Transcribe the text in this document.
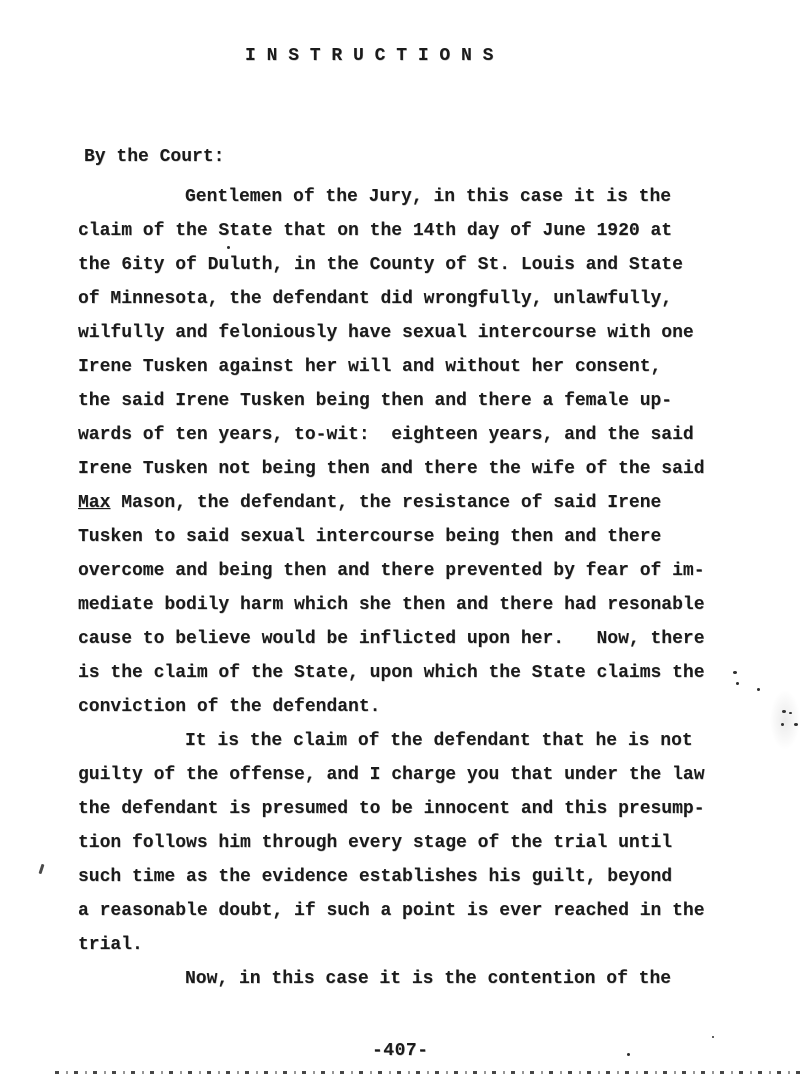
I N S T R U C T I O N S
By the Court:
Gentlemen of the Jury, in this case it is the
claim of the State that on the 14th day of June 1920 at
the 6ity of Duluth, in the County of St. Louis and State
of Minnesota, the defendant did wrongfully, unlawfully,
wilfully and feloniously have sexual intercourse with one
Irene Tusken against her will and without her consent,
the said Irene Tusken being then and there a female up-
wards of ten years, to-wit:  eighteen years, and the said
Irene Tusken not being then and there the wife of the said
Max Mason, the defendant, the resistance of said Irene
Tusken to said sexual intercourse being then and there
overcome and being then and there prevented by fear of im-
mediate bodily harm which she then and there had resonable
cause to believe would be inflicted upon her.   Now, there
is the claim of the State, upon which the State claims the
conviction of the defendant.
It is the claim of the defendant that he is not
guilty of the offense, and I charge you that under the law
the defendant is presumed to be innocent and this presump-
tion follows him through every stage of the trial until
such time as the evidence establishes his guilt, beyond
a reasonable doubt, if such a point is ever reached in the
trial.
Now, in this case it is the contention of the
-407-
